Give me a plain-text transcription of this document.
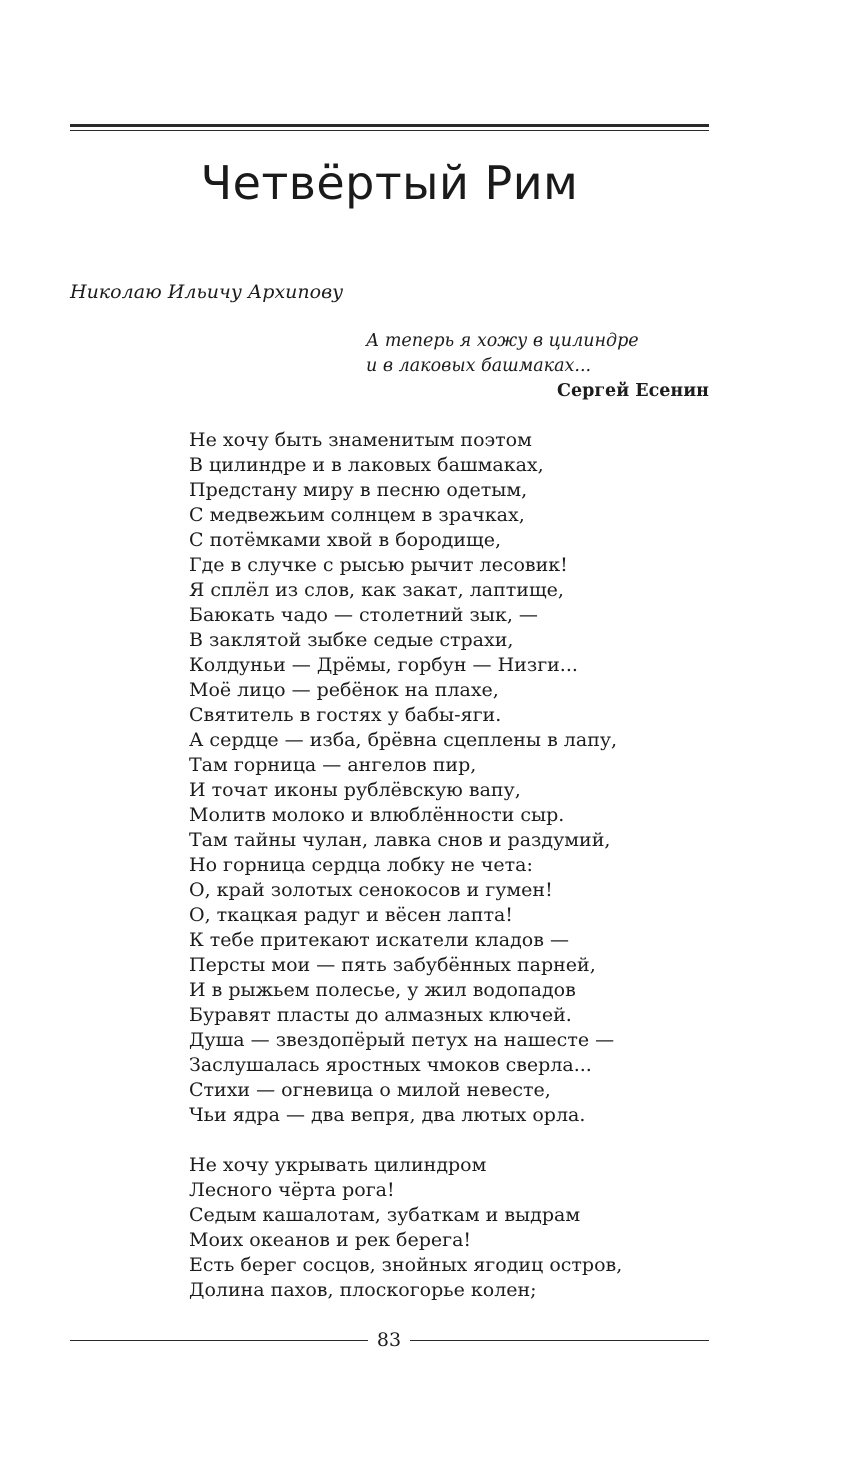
Четвёртый Рим
Николаю Ильичу Архипову
А теперь я хожу в цилиндре
и в лаковых башмаках...
Сергей Есенин
Не хочу быть знаменитым поэтом
В цилиндре и в лаковых башмаках,
Предстану миру в песню одетым,
С медвежьим солнцем в зрачках,
С потёмками хвой в бородище,
Где в случке с рысью рычит лесовик!
Я сплёл из слов, как закат, лаптище,
Баюкать чадо — столетний зык, —
В заклятой зыбке седые страхи,
Колдуньи — Дрёмы, горбун — Низги...
Моё лицо — ребёнок на плахе,
Святитель в гостях у бабы-яги.
А сердце — изба, брёвна сцеплены в лапу,
Там горница — ангелов пир,
И точат иконы рублёвскую вапу,
Молитв молоко и влюблённости сыр.
Там тайны чулан, лавка снов и раздумий,
Но горница сердца лобку не чета:
О, край золотых сенокосов и гумен!
О, ткацкая радуг и вёсен лапта!
К тебе притекают искатели кладов —
Персты мои — пять забубённых парней,
И в рыжьем полесье, у жил водопадов
Буравят пласты до алмазных ключей.
Душа — звездопёрый петух на нашесте —
Заслушалась яростных чмоков сверла...
Стихи — огневица о милой невесте,
Чьи ядра — два вепря, два лютых орла.
Не хочу укрывать цилиндром
Лесного чёрта рога!
Седым кашалотам, зубаткам и выдрам
Моих океанов и рек берега!
Есть берег сосцов, знойных ягодиц остров,
Долина пахов, плоскогорье колен;
83
